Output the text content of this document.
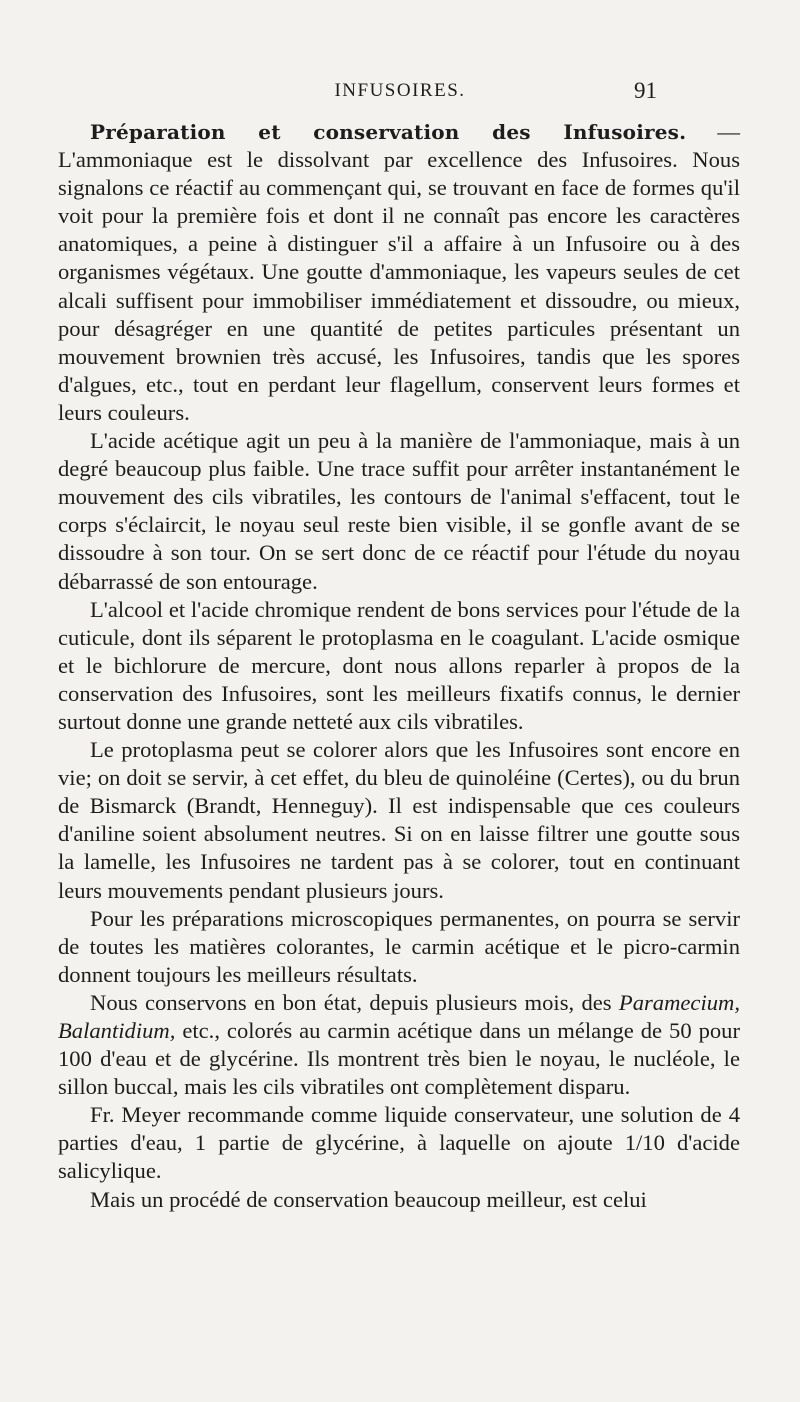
INFUSOIRES.	91

Préparation et conservation des Infusoires. — L'ammoniaque est le dissolvant par excellence des Infusoires. Nous signalons ce réactif au commençant qui, se trouvant en face de formes qu'il voit pour la première fois et dont il ne connaît pas encore les caractères anatomiques, a peine à distinguer s'il a affaire à un Infusoire ou à des organismes végétaux. Une goutte d'ammoniaque, les vapeurs seules de cet alcali suffisent pour immobiliser immédiatement et dissoudre, ou mieux, pour désagréger en une quantité de petites particules présentant un mouvement brownien très accusé, les Infusoires, tandis que les spores d'algues, etc., tout en perdant leur flagellum, conservent leurs formes et leurs couleurs.

L'acide acétique agit un peu à la manière de l'ammoniaque, mais à un degré beaucoup plus faible. Une trace suffit pour arrêter instantanément le mouvement des cils vibratiles, les contours de l'animal s'effacent, tout le corps s'éclaircit, le noyau seul reste bien visible, il se gonfle avant de se dissoudre à son tour. On se sert donc de ce réactif pour l'étude du noyau débarrassé de son entourage.

L'alcool et l'acide chromique rendent de bons services pour l'étude de la cuticule, dont ils séparent le protoplasma en le coagulant. L'acide osmique et le bichlorure de mercure, dont nous allons reparler à propos de la conservation des Infusoires, sont les meilleurs fixatifs connus, le dernier surtout donne une grande netteté aux cils vibratiles.

Le protoplasma peut se colorer alors que les Infusoires sont encore en vie; on doit se servir, à cet effet, du bleu de quinoléine (Certes), ou du brun de Bismarck (Brandt, Henneguy). Il est indispensable que ces couleurs d'aniline soient absolument neutres. Si on en laisse filtrer une goutte sous la lamelle, les Infusoires ne tardent pas à se colorer, tout en continuant leurs mouvements pendant plusieurs jours.

Pour les préparations microscopiques permanentes, on pourra se servir de toutes les matières colorantes, le carmin acétique et le picro-carmin donnent toujours les meilleurs résultats.

Nous conservons en bon état, depuis plusieurs mois, des Paramecium, Balantidium, etc., colorés au carmin acétique dans un mélange de 50 pour 100 d'eau et de glycérine. Ils montrent très bien le noyau, le nucléole, le sillon buccal, mais les cils vibratiles ont complètement disparu.

Fr. Meyer recommande comme liquide conservateur, une solution de 4 parties d'eau, 1 partie de glycérine, à laquelle on ajoute 1/10 d'acide salicylique.

Mais un procédé de conservation beaucoup meilleur, est celui
